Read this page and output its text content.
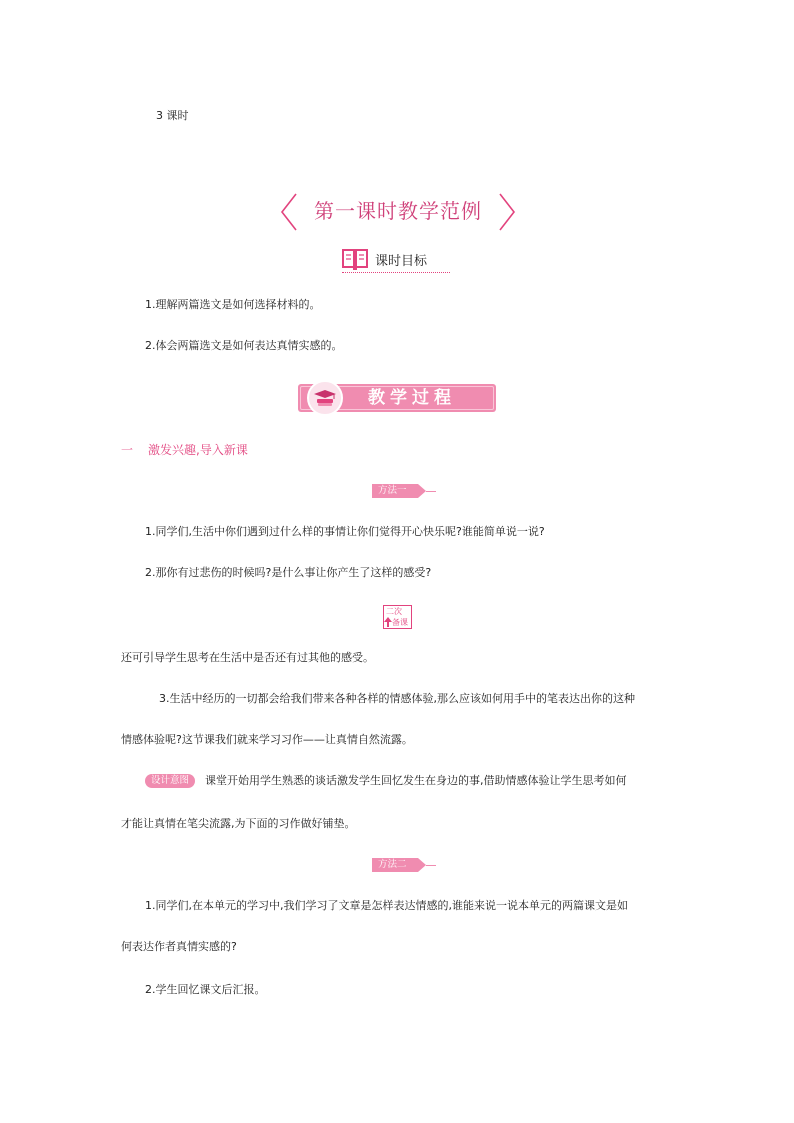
3 课时
第一课时教学范例
课时目标
1.理解两篇选文是如何选择材料的。
2.体会两篇选文是如何表达真情实感的。
教学过程
一 激发兴趣,导入新课
方法一
1.同学们,生活中你们遇到过什么样的事情让你们觉得开心快乐呢?谁能简单说一说?
2.那你有过悲伤的时候吗?是什么事让你产生了这样的感受?
二次
备课
还可引导学生思考在生活中是否还有过其他的感受。
3.生活中经历的一切都会给我们带来各种各样的情感体验,那么应该如何用手中的笔表达出你的这种
情感体验呢?这节课我们就来学习习作——让真情自然流露。
设计意图	课堂开始用学生熟悉的谈话激发学生回忆发生在身边的事,借助情感体验让学生思考如何
才能让真情在笔尖流露,为下面的习作做好铺垫。
方法二
1.同学们,在本单元的学习中,我们学习了文章是怎样表达情感的,谁能来说一说本单元的两篇课文是如
何表达作者真情实感的?
2.学生回忆课文后汇报。
